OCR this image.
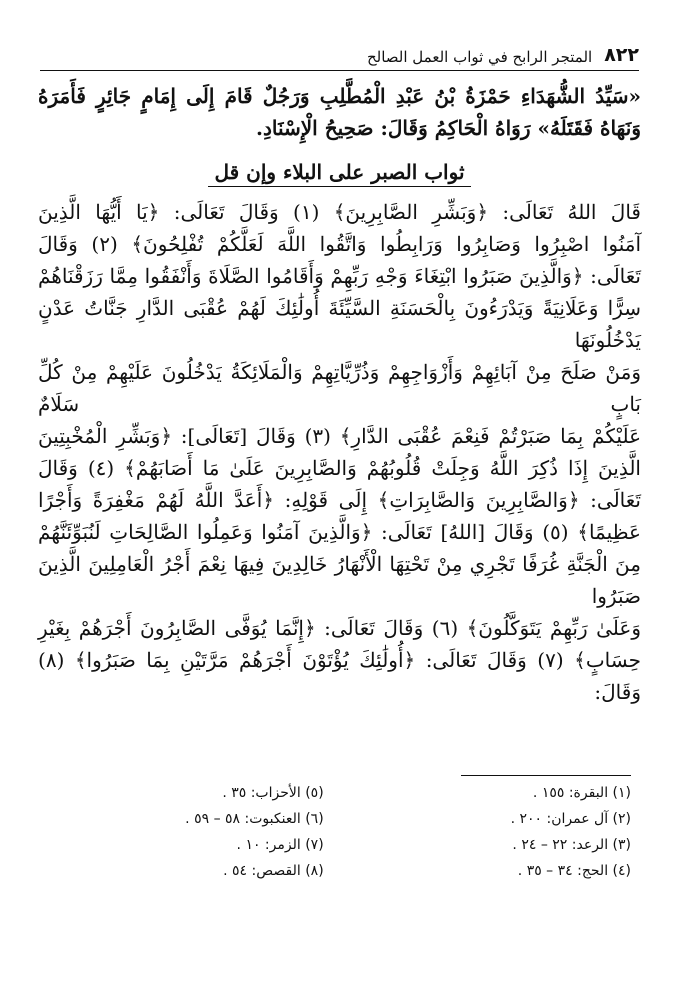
٨٢٢
المتجر الرابح في ثواب العمل الصالح

«سَيِّدُ الشُّهَدَاءِ حَمْزَةُ بْنُ عَبْدِ الْمُطَّلِبِ وَرَجُلٌ قَامَ إِلَى إِمَامٍ جَائِرٍ فَأَمَرَهُ

وَنَهَاهُ فَقَتَلَهُ» رَوَاهُ الْحَاكِمُ وَقَالَ: صَحِيحُ الْإِسْنَادِ.

ثواب الصبر على البلاء وإن قل

قَالَ اللهُ تَعَالَى: ﴿وَبَشِّرِ الصَّابِرِينَ﴾ (١) وَقَالَ تَعَالَى: ﴿يَا أَيُّهَا الَّذِينَ

آمَنُوا اصْبِرُوا وَصَابِرُوا وَرَابِطُوا وَاتَّقُوا اللَّهَ لَعَلَّكُمْ تُفْلِحُونَ﴾ (٢) وَقَالَ

تَعَالَى: ﴿وَالَّذِينَ صَبَرُوا ابْتِغَاءَ وَجْهِ رَبِّهِمْ وَأَقَامُوا الصَّلَاةَ وَأَنْفَقُوا مِمَّا رَزَقْنَاهُمْ

سِرًّا وَعَلَانِيَةً وَيَدْرَءُونَ بِالْحَسَنَةِ السَّيِّئَةَ أُولَٰئِكَ لَهُمْ عُقْبَى الدَّارِ جَنَّاتُ عَدْنٍ يَدْخُلُونَهَا

وَمَنْ صَلَحَ مِنْ آبَائِهِمْ وَأَزْوَاجِهِمْ وَذُرِّيَّاتِهِمْ وَالْمَلَائِكَةُ يَدْخُلُونَ عَلَيْهِمْ مِنْ كُلِّ بَابٍ سَلَامٌ

عَلَيْكُمْ بِمَا صَبَرْتُمْ فَنِعْمَ عُقْبَى الدَّارِ﴾ (٣) وَقَالَ [تَعَالَى]: ﴿وَبَشِّرِ الْمُخْبِتِينَ

الَّذِينَ إِذَا ذُكِرَ اللَّهُ وَجِلَتْ قُلُوبُهُمْ وَالصَّابِرِينَ عَلَىٰ مَا أَصَابَهُمْ﴾ (٤) وَقَالَ

تَعَالَى: ﴿وَالصَّابِرِينَ وَالصَّابِرَاتِ﴾ إِلَى قَوْلِهِ: ﴿أَعَدَّ اللَّهُ لَهُمْ مَغْفِرَةً وَأَجْرًا

عَظِيمًا﴾ (٥) وَقَالَ [اللهُ] تَعَالَى: ﴿وَالَّذِينَ آمَنُوا وَعَمِلُوا الصَّالِحَاتِ لَنُبَوِّئَنَّهُمْ

مِنَ الْجَنَّةِ غُرَفًا تَجْرِي مِنْ تَحْتِهَا الْأَنْهَارُ خَالِدِينَ فِيهَا نِعْمَ أَجْرُ الْعَامِلِينَ الَّذِينَ صَبَرُوا

وَعَلَىٰ رَبِّهِمْ يَتَوَكَّلُونَ﴾ (٦) وَقَالَ تَعَالَى: ﴿إِنَّمَا يُوَفَّى الصَّابِرُونَ أَجْرَهُمْ بِغَيْرِ

حِسَابٍ﴾ (٧) وَقَالَ تَعَالَى: ﴿أُولَٰئِكَ يُؤْتَوْنَ أَجْرَهُمْ مَرَّتَيْنِ بِمَا صَبَرُوا﴾ (٨) وَقَالَ:

(١) البقرة: ١٥٥ .
(٢) آل عمران: ٢٠٠ .
(٣) الرعد: ٢٢ – ٢٤ .
(٤) الحج: ٣٤ – ٣٥ .
(٥) الأحزاب: ٣٥ .
(٦) العنكبوت: ٥٨ – ٥٩ .
(٧) الزمر: ١٠ .
(٨) القصص: ٥٤ .
